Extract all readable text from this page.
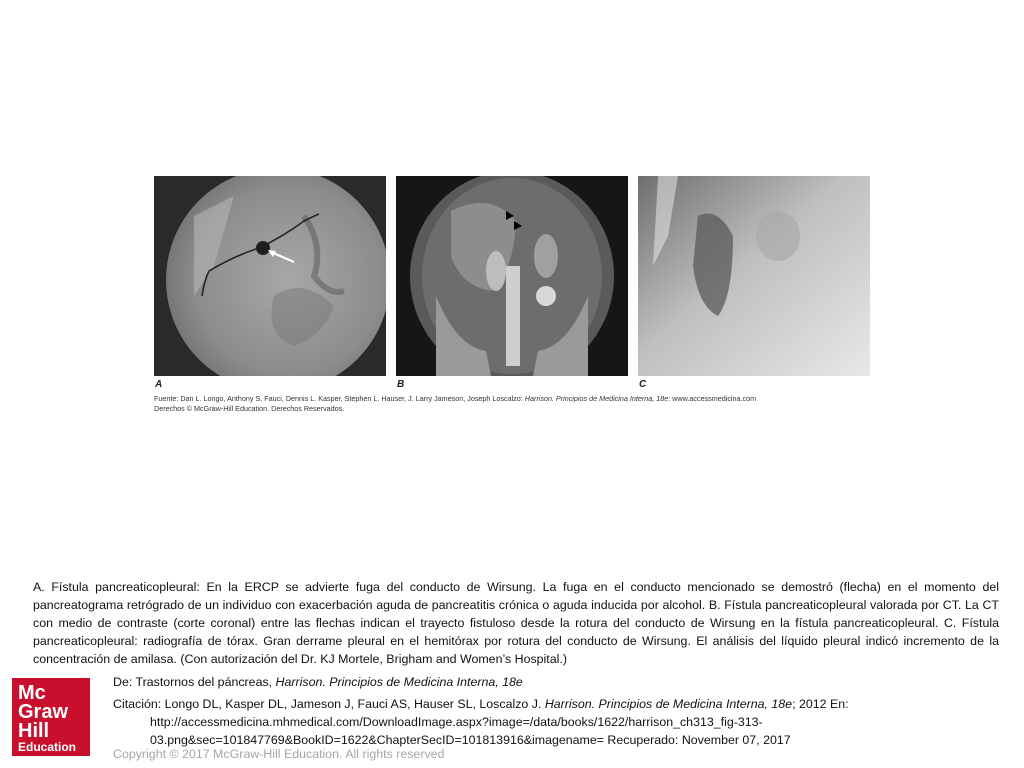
A	B	C
Fuente: Dan L. Longo, Anthony S. Fauci, Dennis L. Kasper, Stephen L. Hauser, J. Larry Jameson, Joseph Loscalzo: Harrison. Principios de Medicina Interna, 18e: www.accessmedicina.com
Derechos © McGraw-Hill Education. Derechos Reservados.
A. Fístula pancreaticopleural: En la ERCP se advierte fuga del conducto de Wirsung. La fuga en el conducto mencionado se demostró (flecha) en el momento del pancreatograma retrógrado de un individuo con exacerbación aguda de pancreatitis crónica o aguda inducida por alcohol. B. Fístula pancreaticopleural valorada por CT. La CT con medio de contraste (corte coronal) entre las flechas indican el trayecto fistuloso desde la rotura del conducto de Wirsung en la fístula pancreaticopleural. C. Fístula pancreaticopleural: radiografía de tórax. Gran derrame pleural en el hemitórax por rotura del conducto de Wirsung. El análisis del líquido pleural indicó incremento de la concentración de amilasa. (Con autorización del Dr. KJ Mortele, Brigham and Women’s Hospital.)
Mc
Graw
Hill
Education
De: Trastornos del páncreas, Harrison. Principios de Medicina Interna, 18e
Citación: Longo DL, Kasper DL, Jameson J, Fauci AS, Hauser SL, Loscalzo J. Harrison. Principios de Medicina Interna, 18e; 2012 En:
http://accessmedicina.mhmedical.com/DownloadImage.aspx?image=/data/books/1622/harrison_ch313_fig-313-
03.png&sec=101847769&BookID=1622&ChapterSecID=101813916&imagename= Recuperado: November 07, 2017
Copyright © 2017 McGraw-Hill Education. All rights reserved
